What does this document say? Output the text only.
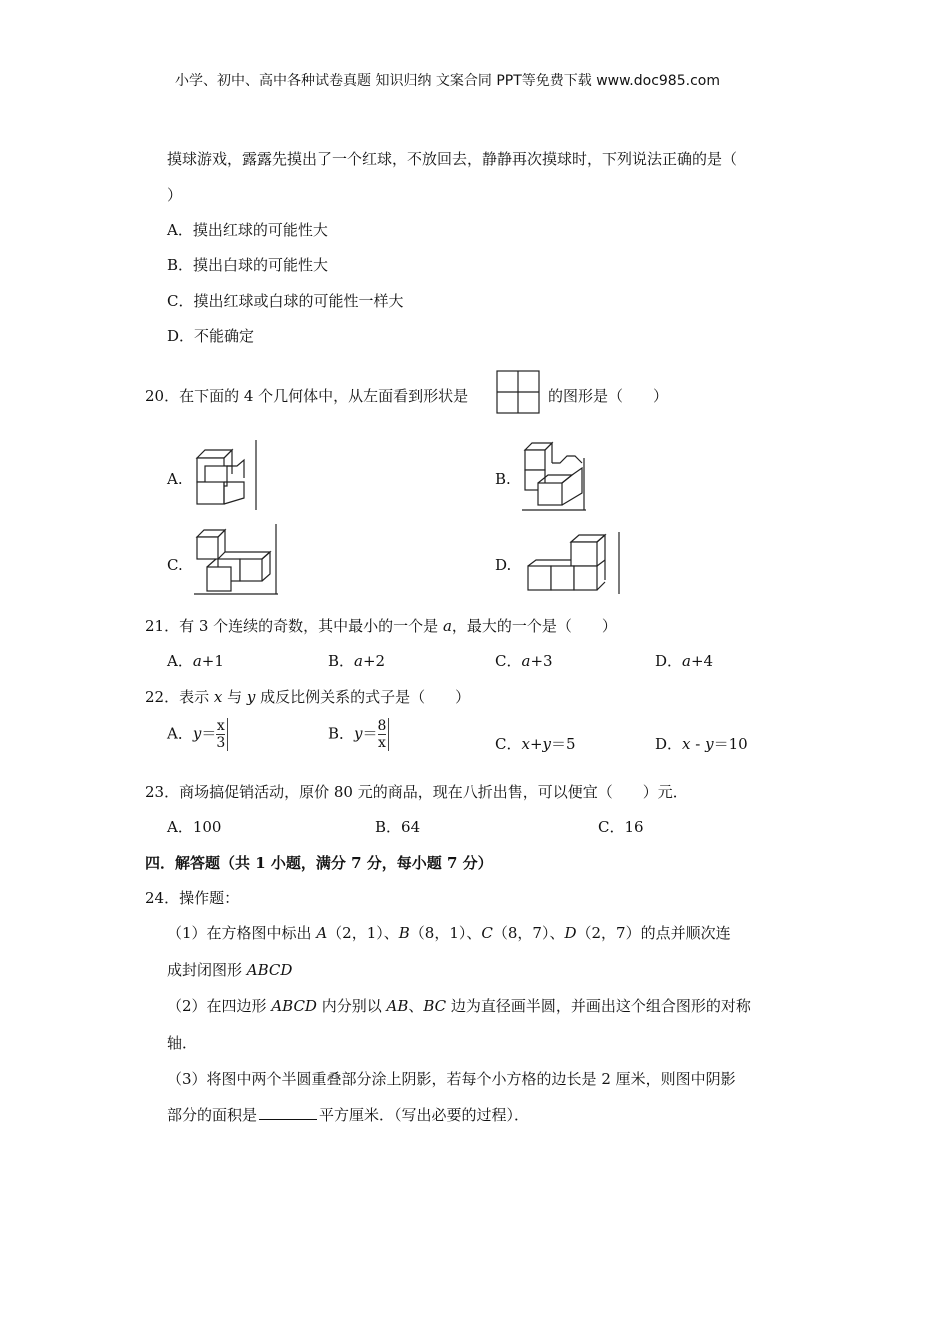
小学、初中、高中各种试卷真题 知识归纳 文案合同 PPT等免费下载 www.doc985.com
摸球游戏，露露先摸出了一个红球，不放回去，静静再次摸球时，下列说法正确的是（
）
A．摸出红球的可能性大
B．摸出白球的可能性大
C．摸出红球或白球的可能性一样大
D．不能确定
20．在下面的 4 个几何体中，从左面看到形状是	的图形是（　　）
A.	B.
C.	D.
21．有 3 个连续的奇数，其中最小的一个是 a，最大的一个是（　　）
A．a+1	B．a+2	C．a+3	D．a+4
22．表示 x 与 y 成反比例关系的式子是（　　）
A．$y= \frac{x}{3}$	B．$y= \frac{8}{x}$	C．x+y＝5	D．x - y＝10
23．商场搞促销活动，原价 80 元的商品，现在八折出售，可以便宜（　　）元．
A．100	B．64	C．16
四．解答题（共 1 小题，满分 7 分，每小题 7 分）
24．操作题：
（1）在方格图中标出 A（2，1）、B（8，1）、C（8，7）、D（2，7）的点并顺次连
成封闭图形 ABCD
（2）在四边形 ABCD 内分别以 AB、BC 边为直径画半圆，并画出这个组合图形的对称
轴．
（3）将图中两个半圆重叠部分涂上阴影，若每个小方格的边长是 2 厘米，则图中阴影
部分的面积是	平方厘米．（写出必要的过程）．
